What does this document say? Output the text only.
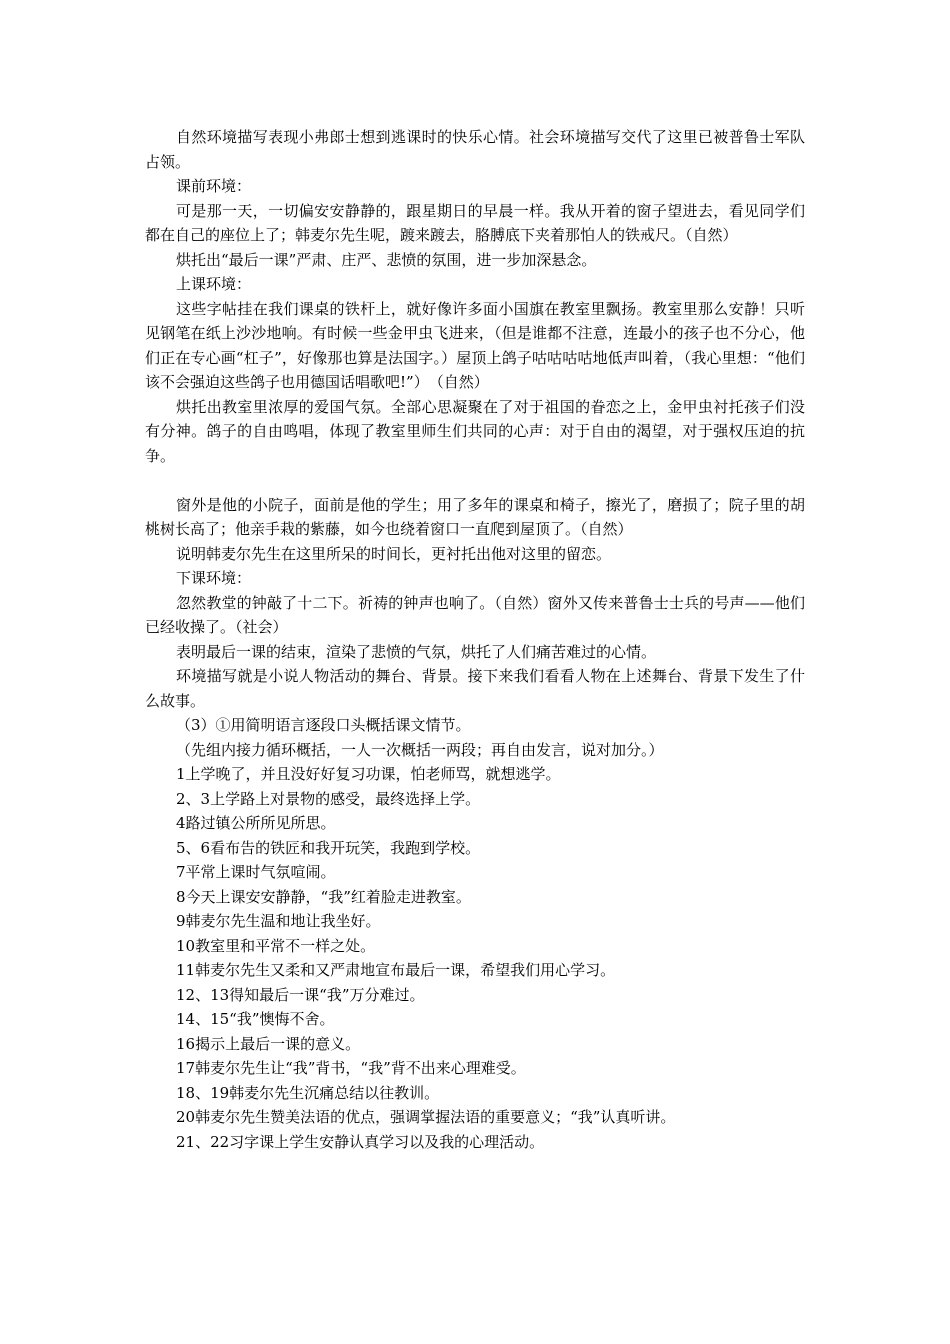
自然环境描写表现小弗郎士想到逃课时的快乐心情。社会环境描写交代了这里已被普鲁士军队占领。

课前环境：

可是那一天，一切偏安安静静的，跟星期日的早晨一样。我从开着的窗子望进去，看见同学们都在自己的座位上了；韩麦尔先生呢，踱来踱去，胳膊底下夹着那怕人的铁戒尺。（自然）

烘托出“最后一课”严肃、庄严、悲愤的氛围，进一步加深悬念。

上课环境：

这些字帖挂在我们课桌的铁杆上，就好像许多面小国旗在教室里飘扬。教室里那么安静！只听见钢笔在纸上沙沙地响。有时候一些金甲虫飞进来，（但是谁都不注意，连最小的孩子也不分心，他们正在专心画“杠子”，好像那也算是法国字。）屋顶上鸽子咕咕咕咕地低声叫着，（我心里想：“他们该不会强迫这些鸽子也用德国话唱歌吧!”）　（自然）

烘托出教室里浓厚的爱国气氛。全部心思凝聚在了对于祖国的眷恋之上，金甲虫衬托孩子们没有分神。鸽子的自由鸣唱，体现了教室里师生们共同的心声：对于自由的渴望，对于强权压迫的抗争。

窗外是他的小院子，面前是他的学生；用了多年的课桌和椅子，擦光了，磨损了；院子里的胡桃树长高了；他亲手栽的紫藤，如今也绕着窗口一直爬到屋顶了。（自然）

说明韩麦尔先生在这里所呆的时间长，更衬托出他对这里的留恋。

下课环境：

忽然教堂的钟敲了十二下。祈祷的钟声也响了。（自然）窗外又传来普鲁士士兵的号声——他们已经收操了。（社会）

表明最后一课的结束，渲染了悲愤的气氛，烘托了人们痛苦难过的心情。

环境描写就是小说人物活动的舞台、背景。接下来我们看看人物在上述舞台、背景下发生了什么故事。

（3）①用简明语言逐段口头概括课文情节。

（先组内接力循环概括，一人一次概括一两段；再自由发言，说对加分。）

1上学晚了，并且没好好复习功课，怕老师骂，就想逃学。

2、3上学路上对景物的感受，最终选择上学。

4路过镇公所所见所思。

5、6看布告的铁匠和我开玩笑，我跑到学校。

7平常上课时气氛喧闹。

8今天上课安安静静，“我”红着脸走进教室。

9韩麦尔先生温和地让我坐好。

10教室里和平常不一样之处。

11韩麦尔先生又柔和又严肃地宣布最后一课，希望我们用心学习。

12、13得知最后一课“我”万分难过。

14、15“我”懊悔不舍。

16揭示上最后一课的意义。

17韩麦尔先生让“我”背书，“我”背不出来心理难受。

18、19韩麦尔先生沉痛总结以往教训。

20韩麦尔先生赞美法语的优点，强调掌握法语的重要意义；“我”认真听讲。

21、22习字课上学生安静认真学习以及我的心理活动。
